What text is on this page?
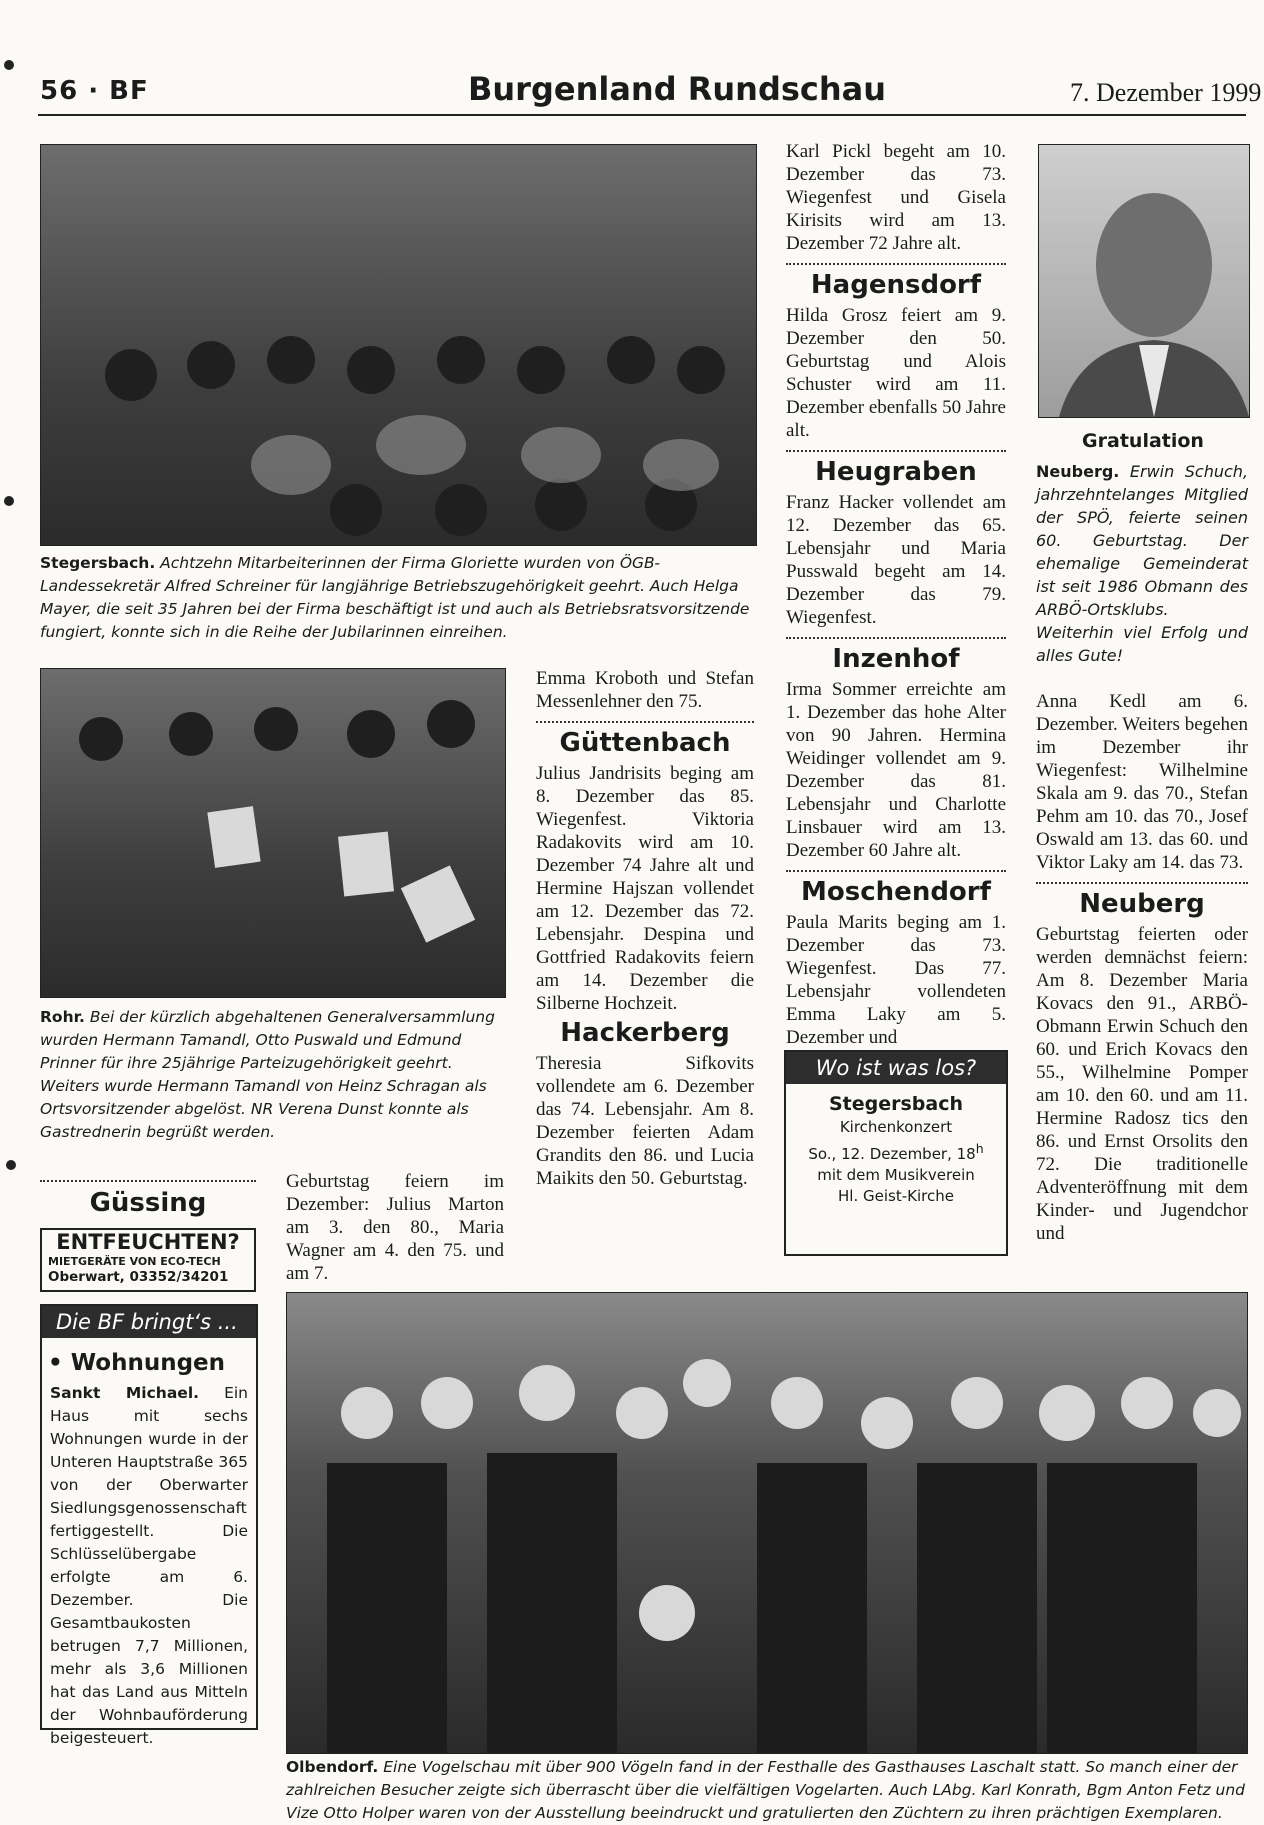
56 · BF	Burgenland Rundschau	7. Dezember 1999
Stegersbach. Achtzehn Mitarbeiterinnen der Firma Gloriette wurden von ÖGB-Landessekretär Alfred Schreiner für langjährige Betriebszugehörigkeit geehrt. Auch Helga Mayer, die seit 35 Jahren bei der Firma beschäftigt ist und auch als Betriebsratsvorsitzende fungiert, konnte sich in die Reihe der Jubilarinnen einreihen.
Rohr. Bei der kürzlich abgehaltenen Generalversammlung wurden Hermann Tamandl, Otto Puswald und Edmund Prinner für ihre 25jährige Parteizugehörigkeit geehrt. Weiters wurde Hermann Tamandl von Heinz Schragan als Ortsvorsitzender abgelöst. NR Verena Dunst konnte als Gastrednerin begrüßt werden.
Güssing
ENTFEUCHTEN?
MIETGERÄTE VON ECO-TECH
Oberwart, 03352/34201

Geburtstag feiern im Dezember: Julius Marton am 3. den 80., Maria Wagner am 4. den 75. und am 7.

Emma Kroboth und Stefan Messenlehner den 75.

Güttenbach

Julius Jandrisits beging am 8. Dezember das 85. Wiegenfest. Viktoria Radakovits wird am 10. Dezember 74 Jahre alt und Hermine Hajszan vollendet am 12. Dezember das 72. Lebensjahr. Despina und Gottfried Radakovits feiern am 14. Dezember die Silberne Hochzeit.

Hackerberg

Theresia Sifkovits vollendete am 6. Dezember das 74. Lebensjahr. Am 8. Dezember feierten Adam Grandits den 86. und Lucia Maikits den 50. Geburtstag.

Karl Pickl begeht am 10. Dezember das 73. Wiegenfest und Gisela Kirisits wird am 13. Dezember 72 Jahre alt.

Hagensdorf

Hilda Grosz feiert am 9. Dezember den 50. Geburtstag und Alois Schuster wird am 11. Dezember ebenfalls 50 Jahre alt.

Heugraben

Franz Hacker vollendet am 12. Dezember das 65. Lebensjahr und Maria Pusswald begeht am 14. Dezember das 79. Wiegenfest.

Inzenhof

Irma Sommer erreichte am 1. Dezember das hohe Alter von 90 Jahren. Hermina Weidinger vollendet am 9. Dezember das 81. Lebensjahr und Charlotte Linsbauer wird am 13. Dezember 60 Jahre alt.

Moschendorf

Paula Marits beging am 1. Dezember das 73. Wiegenfest. Das 77. Lebensjahr vollendeten Emma Laky am 5. Dezember und

Wo ist was los?
Stegersbach
Kirchenkonzert
So., 12. Dezember, 18$^h$
mit dem Musikverein
Hl. Geist-Kirche
Gratulation
Neuberg. Erwin Schuch, jahrzehntelanges Mitglied der SPÖ, feierte seinen 60. Geburtstag. Der ehemalige Gemeinderat ist seit 1986 Obmann des ARBÖ-Ortsklubs. Weiterhin viel Erfolg und alles Gute!

Anna Kedl am 6. Dezember. Weiters begehen im Dezember ihr Wiegenfest: Wilhelmine Skala am 9. das 70., Stefan Pehm am 10. das 70., Josef Oswald am 13. das 60. und Viktor Laky am 14. das 73.

Neuberg

Geburtstag feierten oder werden demnächst feiern: Am 8. Dezember Maria Kovacs den 91., ARBÖ-Obmann Erwin Schuch den 60. und Erich Kovacs den 55., Wilhelmine Pomper am 10. den 60. und am 11. Hermine Radosz tics den 86. und Ernst Orsolits den 72. Die traditionelle Adventeröffnung mit dem Kinder- und Jugendchor und

Die BF bringt‘s ...
• Wohnungen
Sankt Michael. Ein Haus mit sechs Wohnungen wurde in der Unteren Hauptstraße 365 von der Oberwarter Siedlungsgenossenschaft fertiggestellt. Die Schlüsselübergabe erfolgte am 6. Dezember. Die Gesamtbaukosten betrugen 7,7 Millionen, mehr als 3,6 Millionen hat das Land aus Mitteln der Wohnbauförderung beigesteuert.
Olbendorf. Eine Vogelschau mit über 900 Vögeln fand in der Festhalle des Gasthauses Laschalt statt. So manch einer der zahlreichen Besucher zeigte sich überrascht über die vielfältigen Vogelarten. Auch LAbg. Karl Konrath, Bgm Anton Fetz und Vize Otto Holper waren von der Ausstellung beeindruckt und gratulierten den Züchtern zu ihren prächtigen Exemplaren.
